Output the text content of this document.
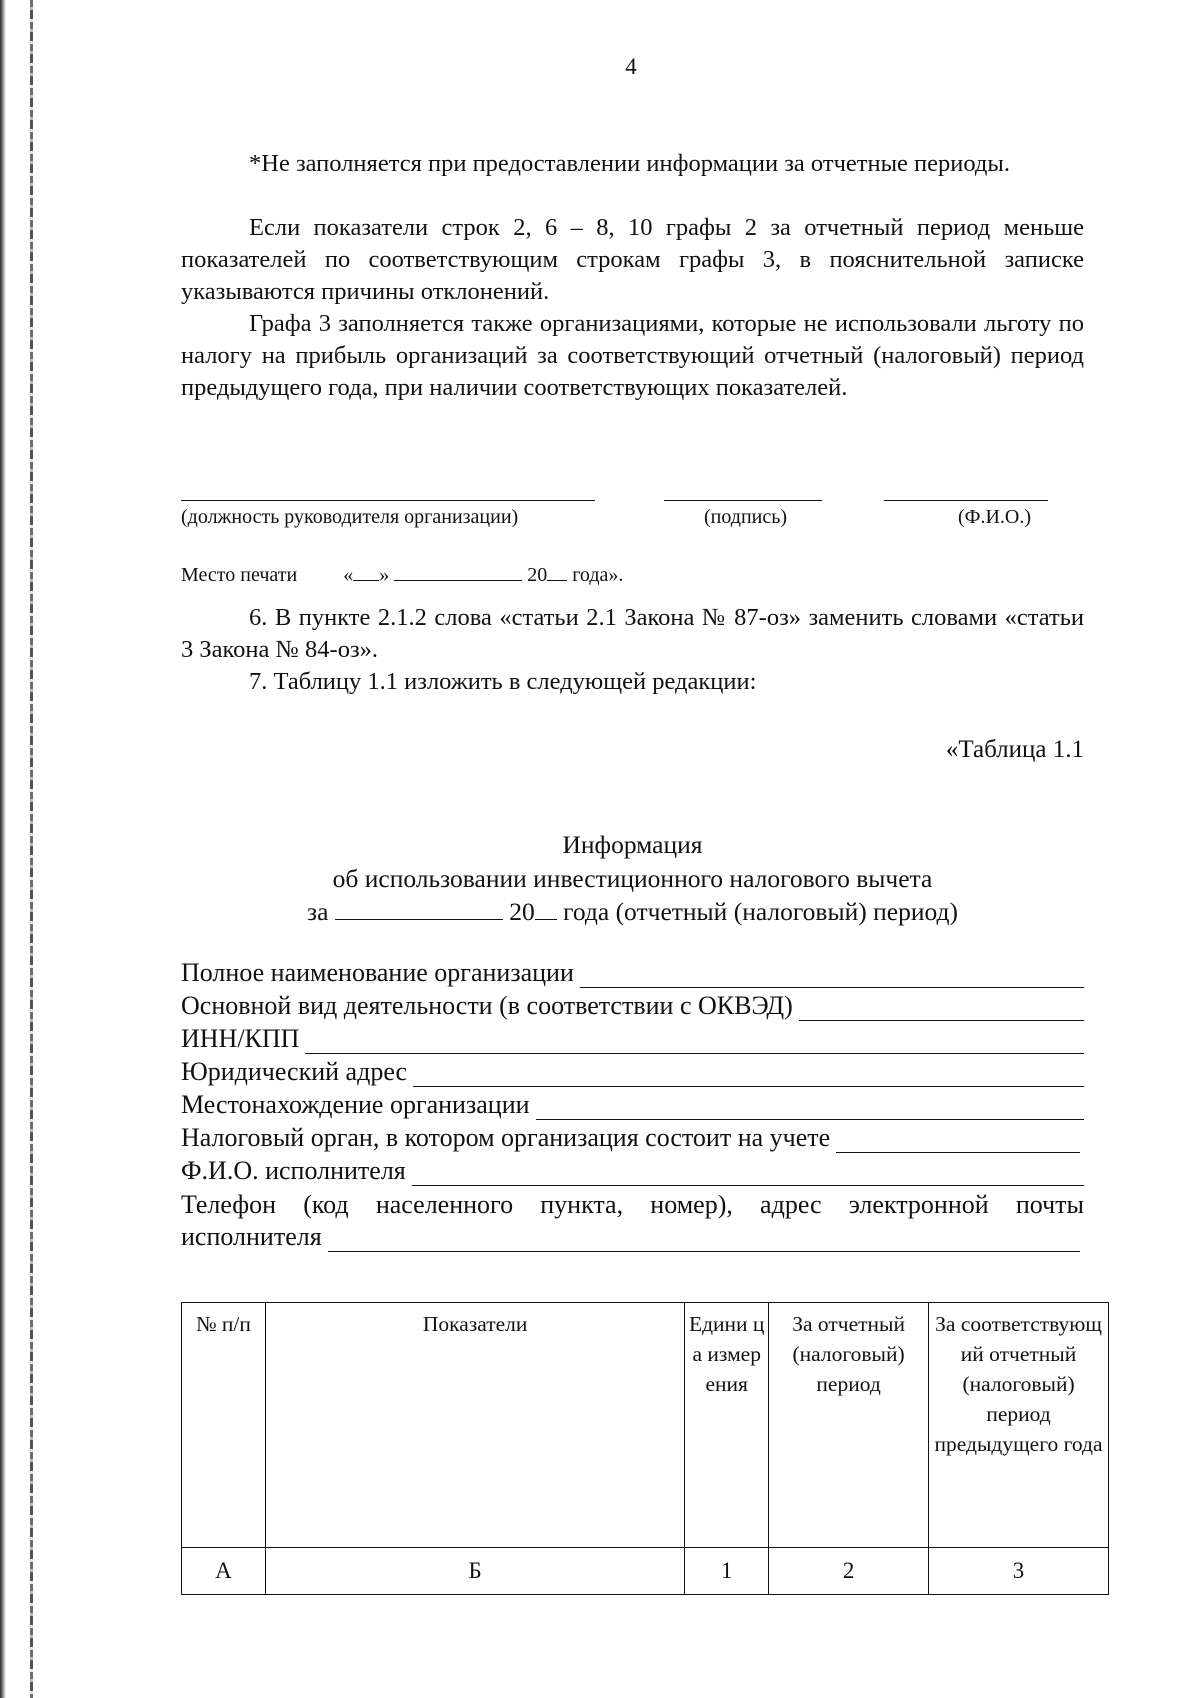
4
*Не заполняется при предоставлении информации за отчетные периоды.
Если показатели строк 2, 6 – 8, 10 графы 2 за отчетный период меньше показателей по соответствующим строкам графы 3, в пояснительной записке указываются причины отклонений.
Графа 3 заполняется также организациями, которые не использовали льготу по налогу на прибыль организаций за соответствующий отчетный (налоговый) период предыдущего года, при наличии соответствующих показателей.
(должность руководителя организации)	(подпись)	(Ф.И.О.)
Место печати « »	20 года».
6. В пункте 2.1.2 слова «статьи 2.1 Закона № 87-оз» заменить словами «статьи 3 Закона № 84-оз».
7. Таблицу 1.1 изложить в следующей редакции:
«Таблица 1.1
Информация
об использовании инвестиционного налогового вычета
за	20 года (отчетный (налоговый) период)
Полное наименование организации
Основной вид деятельности (в соответствии с ОКВЭД)
ИНН/КПП
Юридический адрес
Местонахождение организации
Налоговый орган, в котором организация состоит на учете
Ф.И.О. исполнителя
Телефон (код населенного пункта, номер), адрес электронной почты
исполнителя
№ п/п	Показатели	Едини ца измер ения	За отчетный (налоговый) период	За соответствующ ий отчетный (налоговый) период предыдущего года
А	Б	1	2	3
